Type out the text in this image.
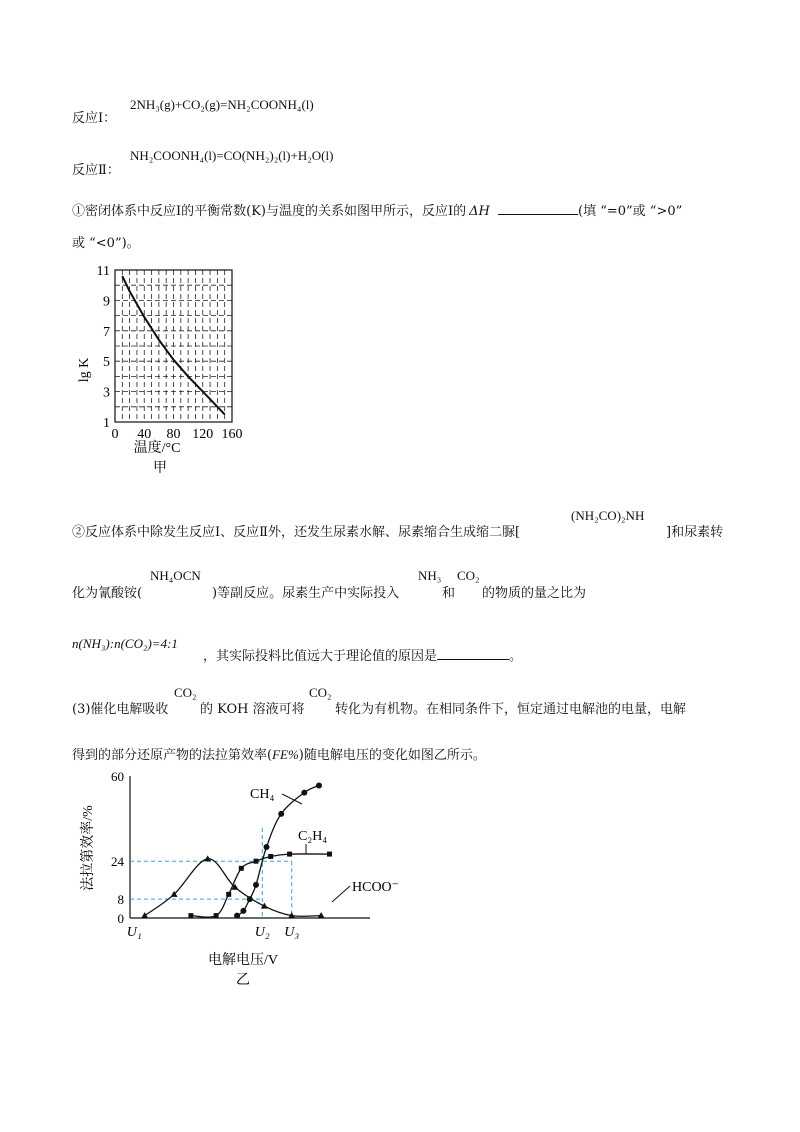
反应Ⅰ：
2NH₃(g)+CO₂(g)=NH₂COONH₄(l)
反应Ⅱ：
NH₂COONH₄(l)=CO(NH₂)₂(l)+H₂O(l)
①密闭体系中反应Ⅰ的平衡常数(K)与温度的关系如图甲所示，反应Ⅰ的 ΔH	(填 “=0”或 “>0”
或 “<0”)。
1
3
5
7
9
11
0 40 80 120 160
lg K
温度/°C
甲
②反应体系中除发生反应Ⅰ、反应Ⅱ外，还发生尿素水解、尿素缩合生成缩二脲[
(NH₂CO)₂NH
]和尿素转
化为氰酸铵(
NH₄OCN
)等副反应。尿素生产中实际投入
NH₃
和
CO₂
的物质的量之比为
n(NH₃):n(CO₂)=4:1
，其实际投料比值远大于理论值的原因是	。
(3)催化电解吸收
CO₂
的 KOH 溶液可将
CO₂
转化为有机物。在相同条件下，恒定通过电解池的电量，电解
得到的部分还原产物的法拉第效率(FE%)随电解电压的变化如图乙所示。
0
8
24
60
U₁	U₂ U₃
CH₄
C₂H₄
HCOO⁻
法拉第效率/%
电解电压/V
乙
